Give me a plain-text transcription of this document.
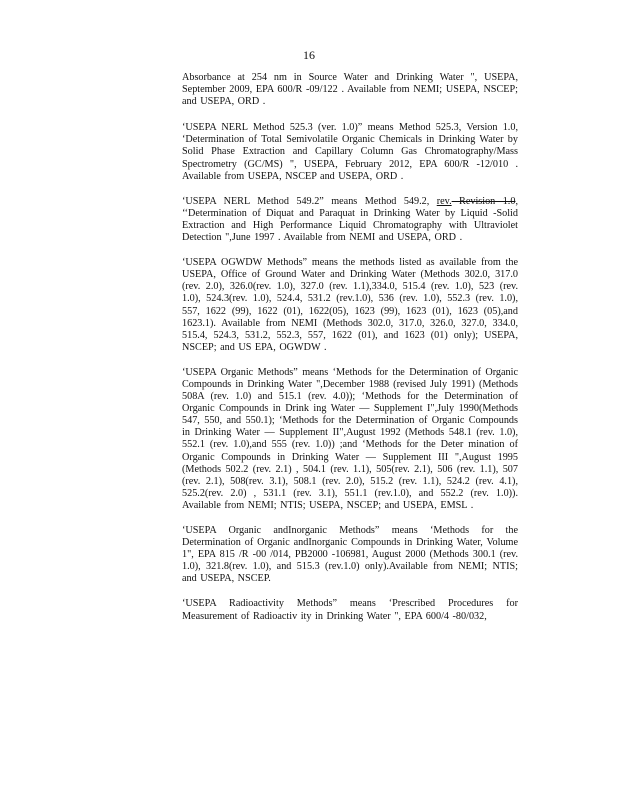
16

Absorbance at 254 nm in Source Water and Drinking Water ", USEPA, September 2009, EPA 600/R -09/122 . Available from NEMI; USEPA, NSCEP; and USEPA, ORD .

‘USEPA NERL Method 525.3 (ver. 1.0)” means Method 525.3, Version 1.0, ‘Determination of Total Semivolatile Organic Chemicals in Drinking Water by Solid Phase Extraction and Capillary Column Gas Chromatography/Mass Spectrometry (GC/MS) ", USEPA, February 2012, EPA 600/R -12/010 . Available from USEPA, NSCEP and USEPA, ORD .

‘USEPA NERL Method 549.2” means Method 549.2, rev. Revision 1.0, ‘‘Determination of Diquat and Paraquat in Drinking Water by Liquid -Solid Extraction and High Performance Liquid Chromatography with Ultraviolet Detection ",June 1997 . Available from NEMI and USEPA, ORD .

‘USEPA OGWDW Methods” means the methods listed as available from the USEPA, Office of Ground Water and Drinking Water (Methods 302.0, 317.0 (rev. 2.0), 326.0(rev. 1.0), 327.0 (rev. 1.1),334.0, 515.4 (rev. 1.0), 523 (rev. 1.0), 524.3(rev. 1.0), 524.4, 531.2 (rev.1.0), 536 (rev. 1.0), 552.3 (rev. 1.0), 557, 1622 (99), 1622 (01), 1622(05), 1623 (99), 1623 (01), 1623 (05),and 1623.1). Available from NEMI (Methods 302.0, 317.0, 326.0, 327.0, 334.0, 515.4, 524.3, 531.2, 552.3, 557, 1622 (01), and 1623 (01) only); USEPA, NSCEP; and US EPA, OGWDW .

‘USEPA Organic Methods” means ‘Methods for the Determination of Organic Compounds in Drinking Water ",December 1988 (revised July 1991) (Methods 508A (rev. 1.0) and 515.1 (rev. 4.0)); ‘Methods for the Determination of Organic Compounds in Drink ing Water — Supplement I",July 1990(Methods 547, 550, and 550.1); ‘Methods for the Determination of Organic Compounds in Drinking Water — Supplement II",August 1992 (Methods 548.1 (rev. 1.0), 552.1 (rev. 1.0),and 555 (rev. 1.0)) ;and ‘Methods for the Deter mination of Organic Compounds in Drinking Water — Supplement III ",August 1995 (Methods 502.2 (rev. 2.1) , 504.1 (rev. 1.1), 505(rev. 2.1), 506 (rev. 1.1), 507 (rev. 2.1), 508(rev. 3.1), 508.1 (rev. 2.0), 515.2 (rev. 1.1), 524.2 (rev. 4.1), 525.2(rev. 2.0) , 531.1 (rev. 3.1), 551.1 (rev.1.0), and 552.2 (rev. 1.0)). Available from NEMI; NTIS; USEPA, NSCEP; and USEPA, EMSL .

‘USEPA Organic andInorganic Methods” means ‘Methods for the Determination of Organic andInorganic Compounds in Drinking Water, Volume 1", EPA 815 /R -00 /014, PB2000 -106981, August 2000 (Methods 300.1 (rev. 1.0), 321.8(rev. 1.0), and 515.3 (rev.1.0) only).Available from NEMI; NTIS; and USEPA, NSCEP.

‘USEPA Radioactivity Methods” means ‘Prescribed Procedures for Measurement of Radioactiv ity in Drinking Water ", EPA 600/4 -80/032,
